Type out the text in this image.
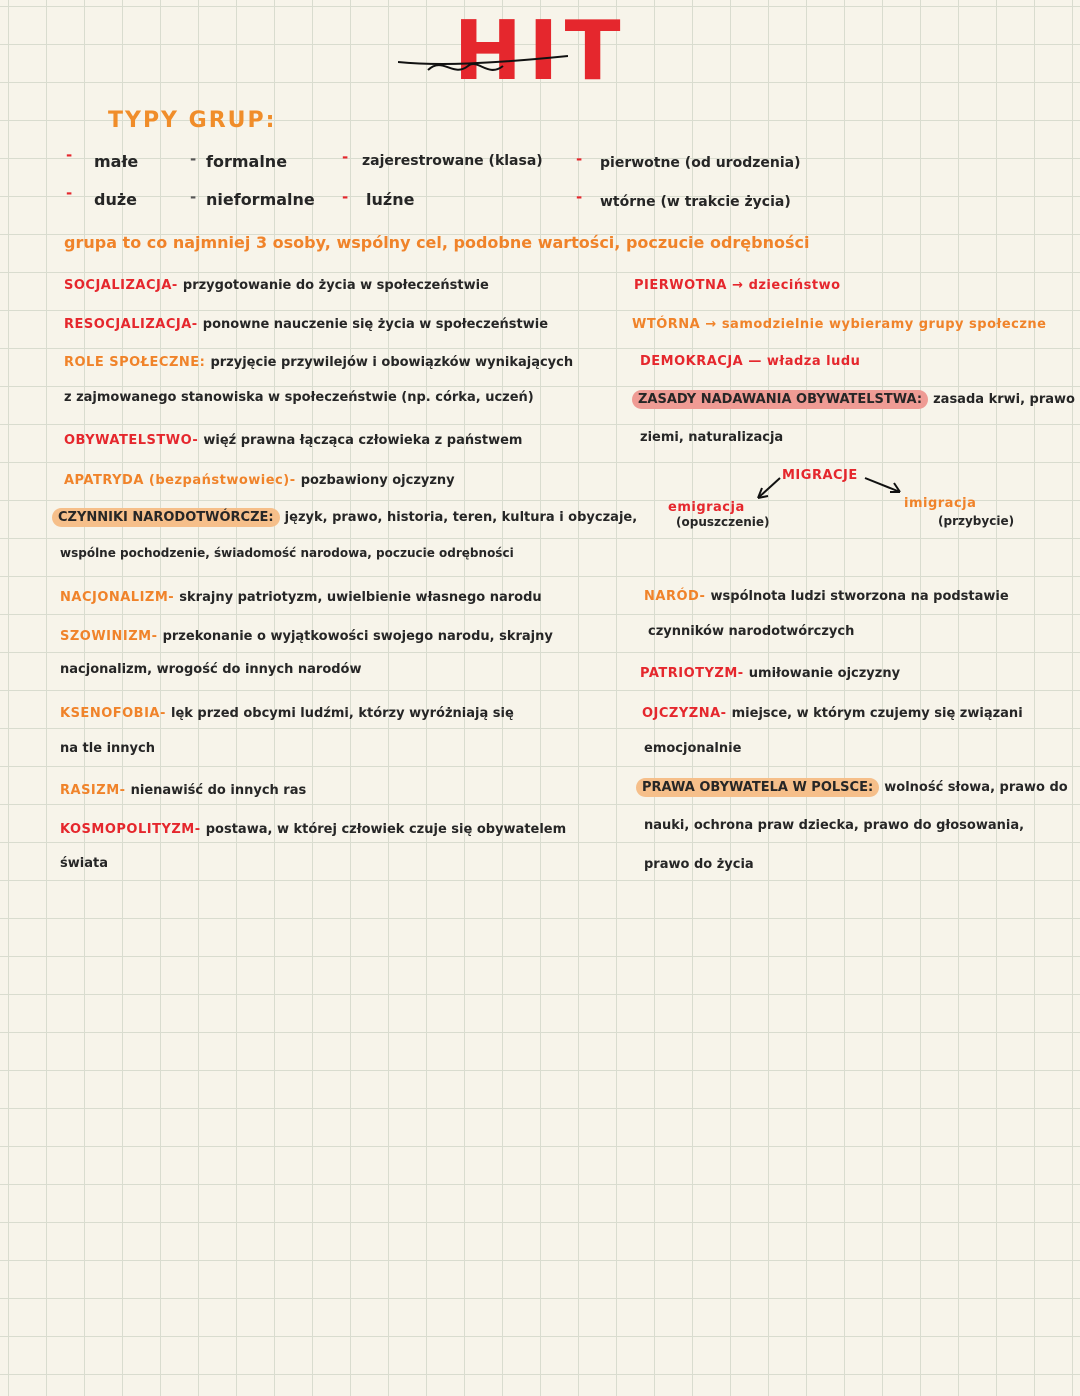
HIT
TYPY GRUP:
- małe	- formalne	- zajerestrowane (klasa) - pierwotne (od urodzenia)
- duże	- nieformalne - luźne	- wtórne (w trakcie życia)
grupa to co najmniej 3 osoby, wspólny cel, podobne wartości, poczucie odrębności
SOCJALIZACJA- przygotowanie do życia w społeczeństwie
RESOCJALIZACJA- ponowne nauczenie się życia w społeczeństwie
ROLE SPOŁECZNE: przyjęcie przywilejów i obowiązków wynikających
z zajmowanego stanowiska w społeczeństwie (np. córka, uczeń)
OBYWATELSTWO- więź prawna łącząca człowieka z państwem
APATRYDA (bezpaństwowiec)- pozbawiony ojczyzny
CZYNNIKI NARODOTWÓRCZE: język, prawo, historia, teren, kultura i obyczaje,
wspólne pochodzenie, świadomość narodowa, poczucie odrębności
NACJONALIZM- skrajny patriotyzm, uwielbienie własnego narodu
SZOWINIZM- przekonanie o wyjątkowości swojego narodu, skrajny
nacjonalizm, wrogość do innych narodów
KSENOFOBIA- lęk przed obcymi ludźmi, którzy wyróżniają się
na tle innych
RASIZM- nienawiść do innych ras
KOSMOPOLITYZM- postawa, w której człowiek czuje się obywatelem
świata
PIERWOTNA → dzieciństwo
WTÓRNA → samodzielnie wybieramy grupy społeczne
DEMOKRACJA — władza ludu
ZASADY NADAWANIA OBYWATELSTWA: zasada krwi, prawo
ziemi, naturalizacja
MIGRACJE
emigracja
(opuszczenie)
imigracja
(przybycie)
NARÓD- wspólnota ludzi stworzona na podstawie
czynników narodotwórczych
PATRIOTYZM- umiłowanie ojczyzny
OJCZYZNA- miejsce, w którym czujemy się związani
emocjonalnie
PRAWA OBYWATELA W POLSCE: wolność słowa, prawo do
nauki, ochrona praw dziecka, prawo do głosowania,
prawo do życia
